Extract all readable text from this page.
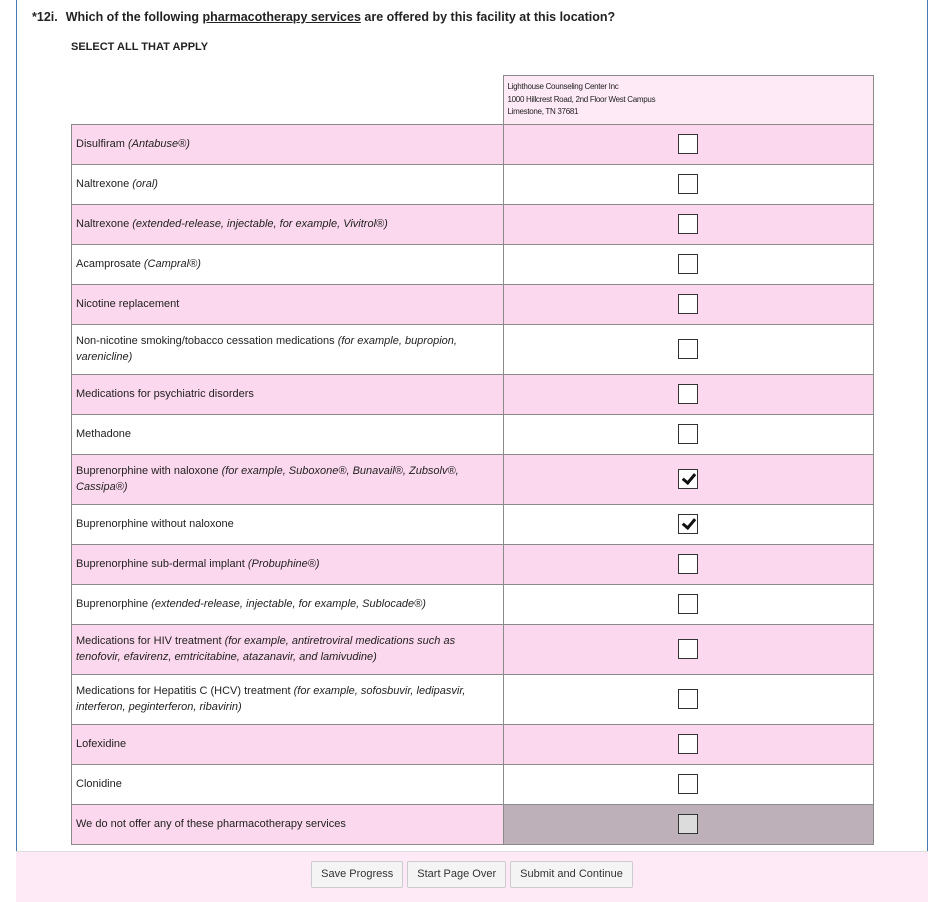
*12i. Which of the following pharmacotherapy services are offered by this facility at this location?
SELECT ALL THAT APPLY

	Lighthouse Counseling Center Inc
1000 Hillcrest Road, 2nd Floor West Campus
Limestone, TN 37681

Disulfiram (Antabuse®)	
Naltrexone (oral)	
Naltrexone (extended-release, injectable, for example, Vivitrol®)	
Acamprosate (Campral®)	
Nicotine replacement	
Non-nicotine smoking/tobacco cessation medications (for example, bupropion, varenicline)	
Medications for psychiatric disorders	
Methadone	
Buprenorphine with naloxone (for example, Suboxone®, Bunavail®, Zubsolv®, Cassipa®)	
Buprenorphine without naloxone	
Buprenorphine sub-dermal implant (Probuphine®)	
Buprenorphine (extended-release, injectable, for example, Sublocade®)	
Medications for HIV treatment (for example, antiretroviral medications such as tenofovir, efavirenz, emtricitabine, atazanavir, and lamivudine)	
Medications for Hepatitis C (HCV) treatment (for example, sofosbuvir, ledipasvir, interferon, peginterferon, ribavirin)	
Lofexidine	
Clonidine	
We do not offer any of these pharmacotherapy services	
Save Progress Start Page Over Submit and Continue
